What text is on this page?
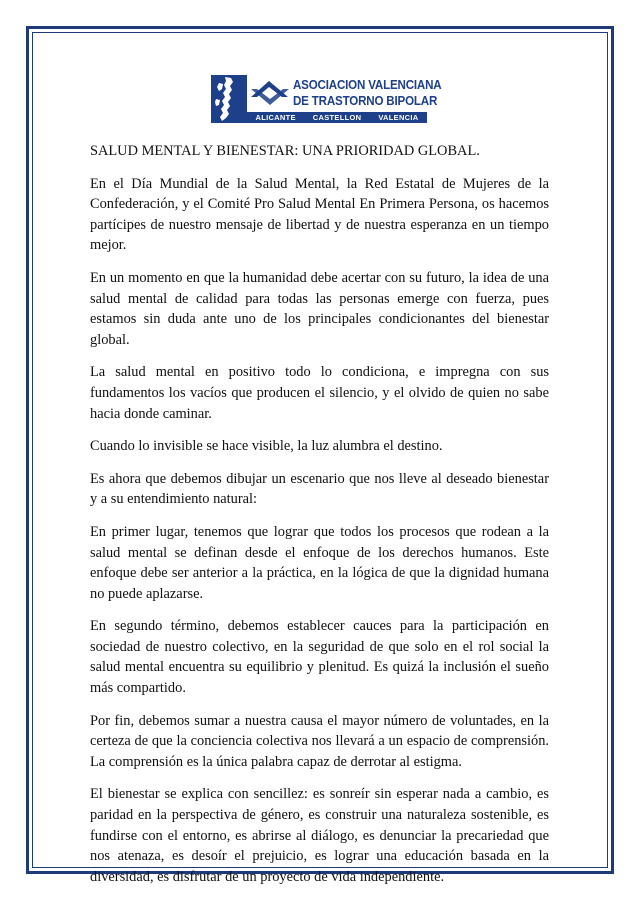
ASOCIACION VALENCIANA
DE TRASTORNO BIPOLAR
ALICANTE CASTELLON VALENCIA

SALUD MENTAL Y BIENESTAR: UNA PRIORIDAD GLOBAL.

En el Día Mundial de la Salud Mental, la Red Estatal de Mujeres de la Confederación, y el Comité Pro Salud Mental En Primera Persona, os hacemos partícipes de nuestro mensaje de libertad y de nuestra esperanza en un tiempo mejor.

En un momento en que la humanidad debe acertar con su futuro, la idea de una salud mental de calidad para todas las personas emerge con fuerza, pues estamos sin duda ante uno de los principales condicionantes del bienestar global.

La salud mental en positivo todo lo condiciona, e impregna con sus fundamentos los vacíos que producen el silencio, y el olvido de quien no sabe hacia donde caminar.

Cuando lo invisible se hace visible, la luz alumbra el destino.

Es ahora que debemos dibujar un escenario que nos lleve al deseado bienestar y a su entendimiento natural:

En primer lugar, tenemos que lograr que todos los procesos que rodean a la salud mental se definan desde el enfoque de los derechos humanos. Este enfoque debe ser anterior a la práctica, en la lógica de que la dignidad humana no puede aplazarse.

En segundo término, debemos establecer cauces para la participación en sociedad de nuestro colectivo, en la seguridad de que solo en el rol social la salud mental encuentra su equilibrio y plenitud. Es quizá la inclusión el sueño más compartido.

Por fin, debemos sumar a nuestra causa el mayor número de voluntades, en la certeza de que la conciencia colectiva nos llevará a un espacio de comprensión. La comprensión es la única palabra capaz de derrotar al estigma.

El bienestar se explica con sencillez: es sonreír sin esperar nada a cambio, es paridad en la perspectiva de género, es construir una naturaleza sostenible, es fundirse con el entorno, es abrirse al diálogo, es denunciar la precariedad que nos atenaza, es desoír el prejuicio, es lograr una educación basada en la diversidad, es disfrutar de un proyecto de vida independiente.
